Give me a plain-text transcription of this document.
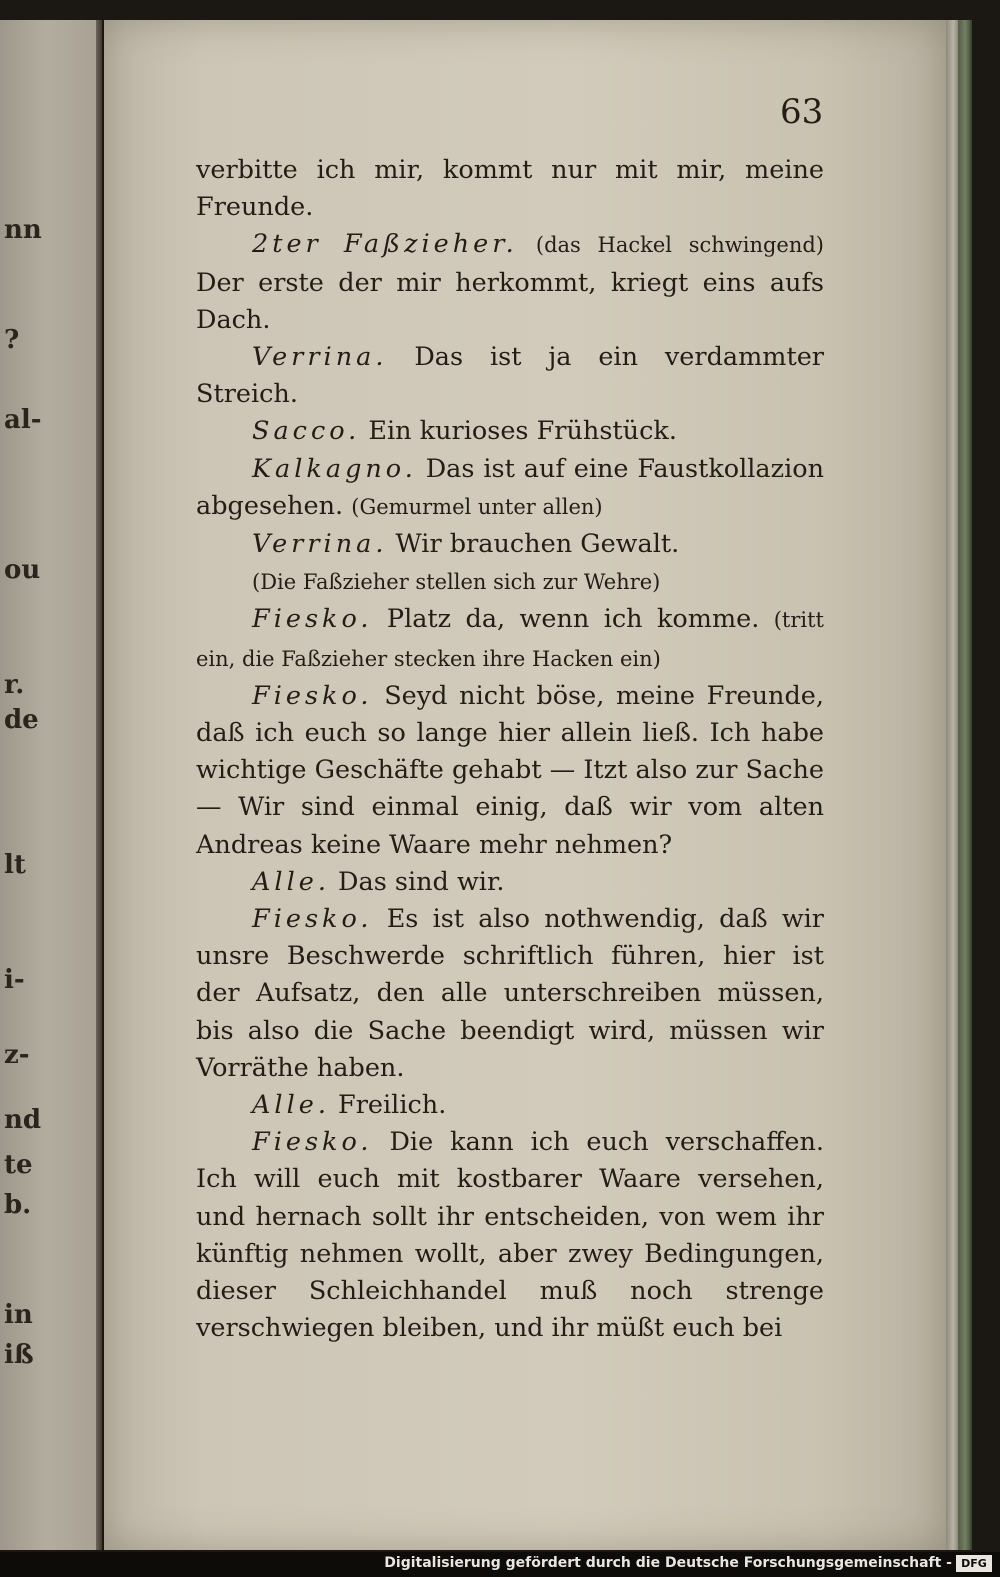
nn
?
al-
ou
r.
de
lt
i-
z-
nd
te
b.
in
iß
63

verbitte ich mir, kommt nur mit mir, meine Freunde.

2ter Faßzieher. (das Hackel schwingend) Der erste der mir herkommt, kriegt eins aufs Dach.

Verrina. Das ist ja ein verdammter Streich.

Sacco. Ein kurioses Frühstück.

Kalkagno. Das ist auf eine Faustkollazion abgesehen. (Gemurmel unter allen)

Verrina. Wir brauchen Gewalt.

(Die Faßzieher stellen sich zur Wehre)

Fiesko. Platz da, wenn ich komme. (tritt ein, die Faßzieher stecken ihre Hacken ein)

Fiesko. Seyd nicht böse, meine Freunde, daß ich euch so lange hier allein ließ. Ich habe wichtige Geschäfte gehabt — Itzt also zur Sache — Wir sind einmal einig, daß wir vom alten Andreas keine Waare mehr nehmen?

Alle. Das sind wir.

Fiesko. Es ist also nothwendig, daß wir unsre Beschwerde schriftlich führen, hier ist der Aufsatz, den alle unterschreiben müssen, bis also die Sache beendigt wird, müssen wir Vorräthe haben.

Alle. Freilich.

Fiesko. Die kann ich euch verschaffen. Ich will euch mit kostbarer Waare versehen, und hernach sollt ihr entscheiden, von wem ihr künftig nehmen wollt, aber zwey Bedingungen, dieser Schleichhandel muß noch strenge verschwiegen bleiben, und ihr müßt euch bei

Digitalisierung gefördert durch die Deutsche Forschungsgemeinschaft - DFG
